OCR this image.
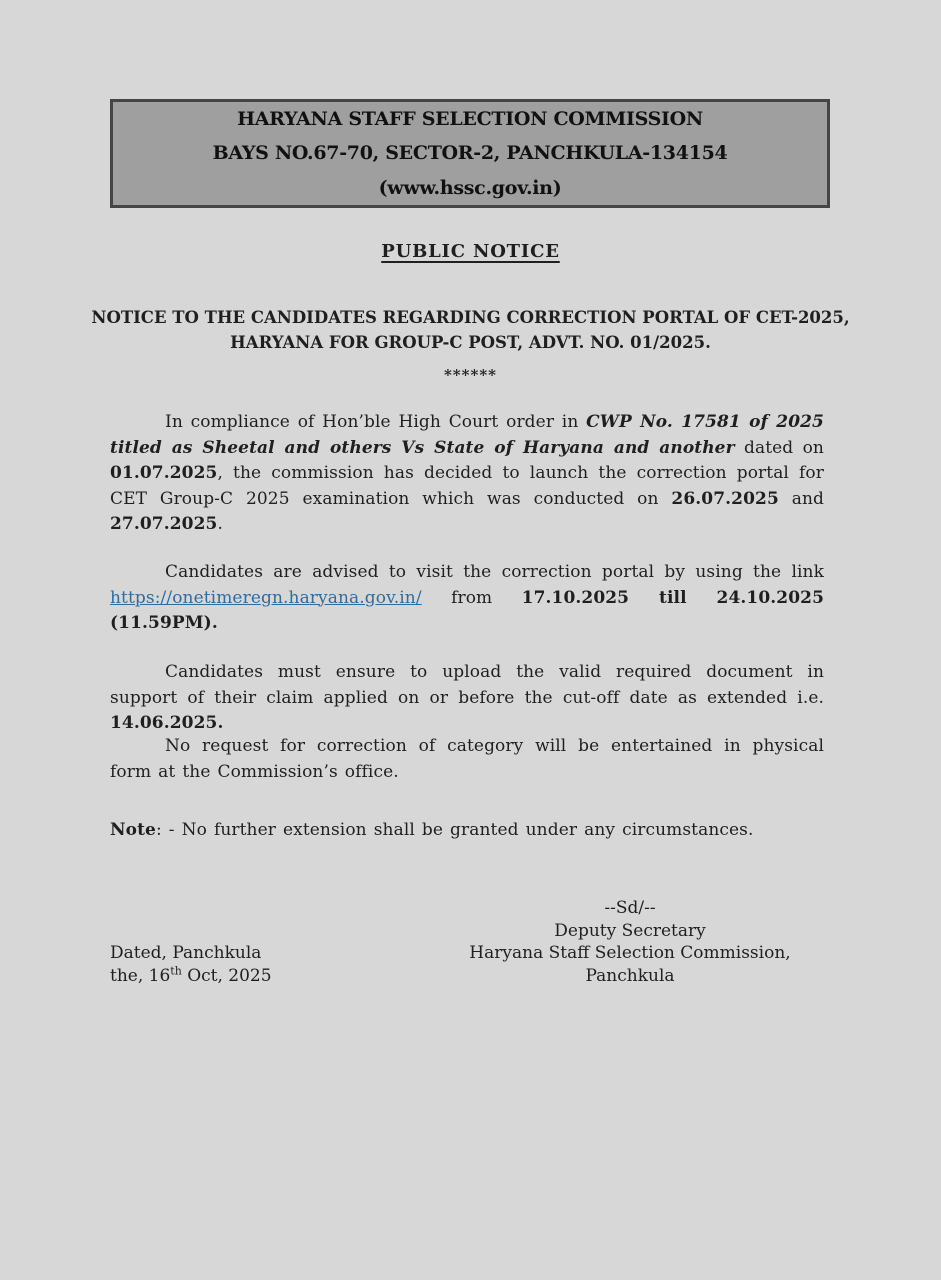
HARYANA STAFF SELECTION COMMISSION
BAYS NO.67-70, SECTOR-2, PANCHKULA-134154
(www.hssc.gov.in)
PUBLIC NOTICE
NOTICE TO THE CANDIDATES REGARDING CORRECTION PORTAL OF CET-2025,
HARYANA FOR GROUP-C POST, ADVT. NO. 01/2025.
******

In compliance of Hon’ble High Court order in CWP No. 17581 of 2025 titled as Sheetal and others Vs State of Haryana and another dated on 01.07.2025, the commission has decided to launch the correction portal for CET Group-C 2025 examination which was conducted on 26.07.2025 and 27.07.2025.

Candidates are advised to visit the correction portal by using the link https://onetimeregn.haryana.gov.in/ from 17.10.2025 till 24.10.2025 (11.59PM).

Candidates must ensure to upload the valid required document in support of their claim applied on or before the cut-off date as extended i.e. 14.06.2025.

No request for correction of category will be entertained in physical form at the Commission’s office.

Note: - No further extension shall be granted under any circumstances.

--Sd/--
Deputy Secretary
Haryana Staff Selection Commission,
Panchkula
Dated, Panchkula
the, 16th Oct, 2025
